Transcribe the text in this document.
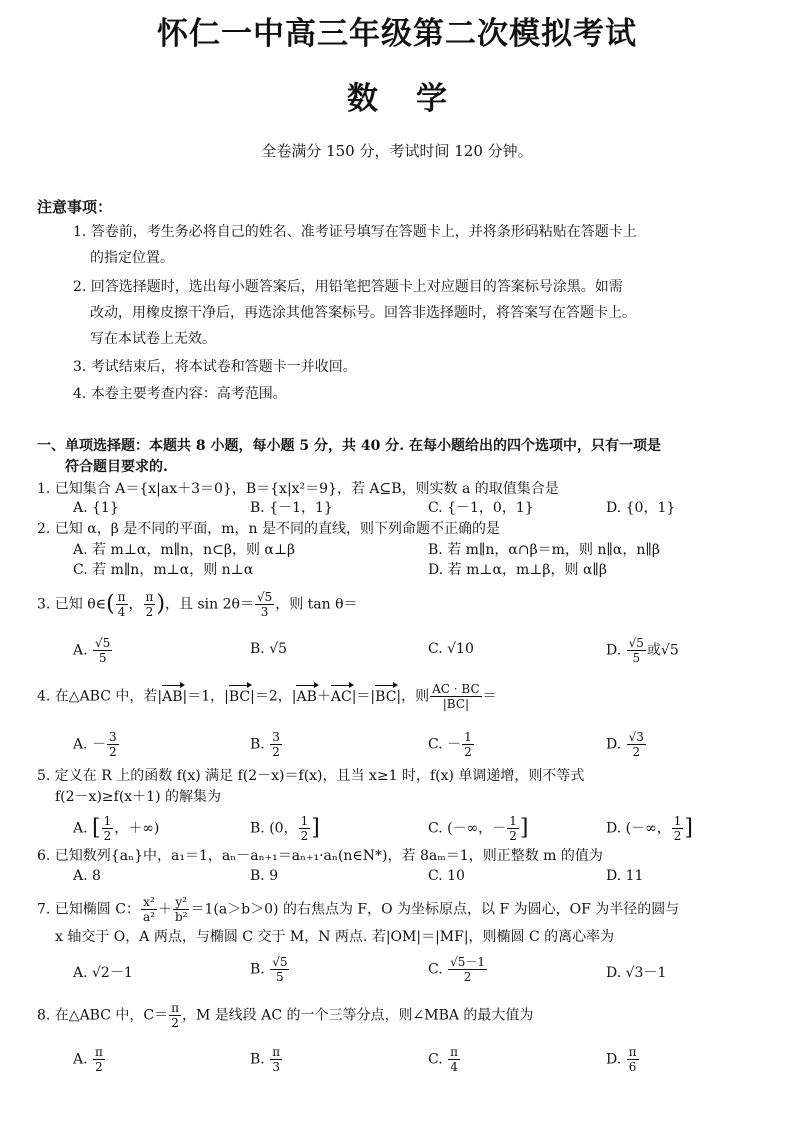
怀仁一中高三年级第二次模拟考试
数学
全卷满分 150 分，考试时间 120 分钟。
注意事项：
1. 答卷前，考生务必将自己的姓名、准考证号填写在答题卡上，并将条形码粘贴在答题卡上
的指定位置。
2. 回答选择题时，选出每小题答案后，用铅笔把答题卡上对应题目的答案标号涂黑。如需
改动，用橡皮擦干净后，再选涂其他答案标号。回答非选择题时，将答案写在答题卡上。
写在本试卷上无效。
3. 考试结束后，将本试卷和答题卡一并收回。
4. 本卷主要考查内容：高考范围。
一、单项选择题：本题共 8 小题，每小题 5 分，共 40 分. 在每小题给出的四个选项中，只有一项是
符合题目要求的.
1. 已知集合 A＝{x|ax＋3＝0}，B＝{x|x²＝9}，若 A⊆B，则实数 a 的取值集合是
A. {1}	B. {－1，1}	C. {－1，0，1}	D. {0，1}
2. 已知 α，β 是不同的平面，m，n 是不同的直线，则下列命题不正确的是
A. 若 m⊥α，m∥n，n⊂β，则 α⊥β	B. 若 m∥n，α∩β＝m，则 n∥α，n∥β
C. 若 m∥n，m⊥α，则 n⊥α	D. 若 m⊥α，m⊥β，则 α∥β
3. 已知 θ∈( $\frac{\pi}{4}$ ， $\frac{\pi}{2}$ )，且 $\sin 2\theta= \frac{√5}{3}$ ，则 tan θ＝
A. $\frac{√5}{5}$	B. √5	C. √10	D. $\frac{√5}{5}$ 或√5
4. 在△ABC 中，若|AB|＝1，|BC|＝2，|AB＋AC|＝|BC|，则 $\frac{AC \cdot BC}{|BC|}$ ＝
A. － $\frac{3}{2}$	B. $\frac{3}{2}$	C. － $\frac{1}{2}$	D. $\frac{√3}{2}$
5. 定义在 R 上的函数 f(x) 满足 f(2－x)＝f(x)，且当 x≥1 时，f(x) 单调递增，则不等式
f(2－x)≥f(x＋1) 的解集为
A. [ $\frac{1}{2}$ ，＋∞)	B. (0， $\frac{1}{2}$ ]	C. (－∞，－ $\frac{1}{2}$ ]	D. (－∞， $\frac{1}{2}$ ]
6. 已知数列{aₙ}中，a₁＝1，aₙ－aₙ₊₁＝aₙ₊₁·aₙ(n∈N*)，若 8aₘ＝1，则正整数 m 的值为
A. 8	B. 9	C. 10	D. 11
7. 已知椭圆 C： $\frac{\text{x²}}{\text{a²}} + \frac{\text{y²}}{\text{b²}} =1(a>b>0)$ 的右焦点为 F，O 为坐标原点，以 F 为圆心，OF 为半径的圆与
x 轴交于 O，A 两点，与椭圆 C 交于 M，N 两点. 若|OM|＝|MF|，则椭圆 C 的离心率为
A. √2－1	B. $\frac{√5}{5}$	C. $\frac{√5-1}{2}$	D. √3－1
8. 在△ABC 中，$C= \frac{\pi}{2}$ ，M 是线段 AC 的一个三等分点，则∠MBA 的最大值为
A. $\frac{\pi}{2}$	B. $\frac{\pi}{3}$	C. $\frac{\pi}{4}$	D. $\frac{\pi}{6}$
